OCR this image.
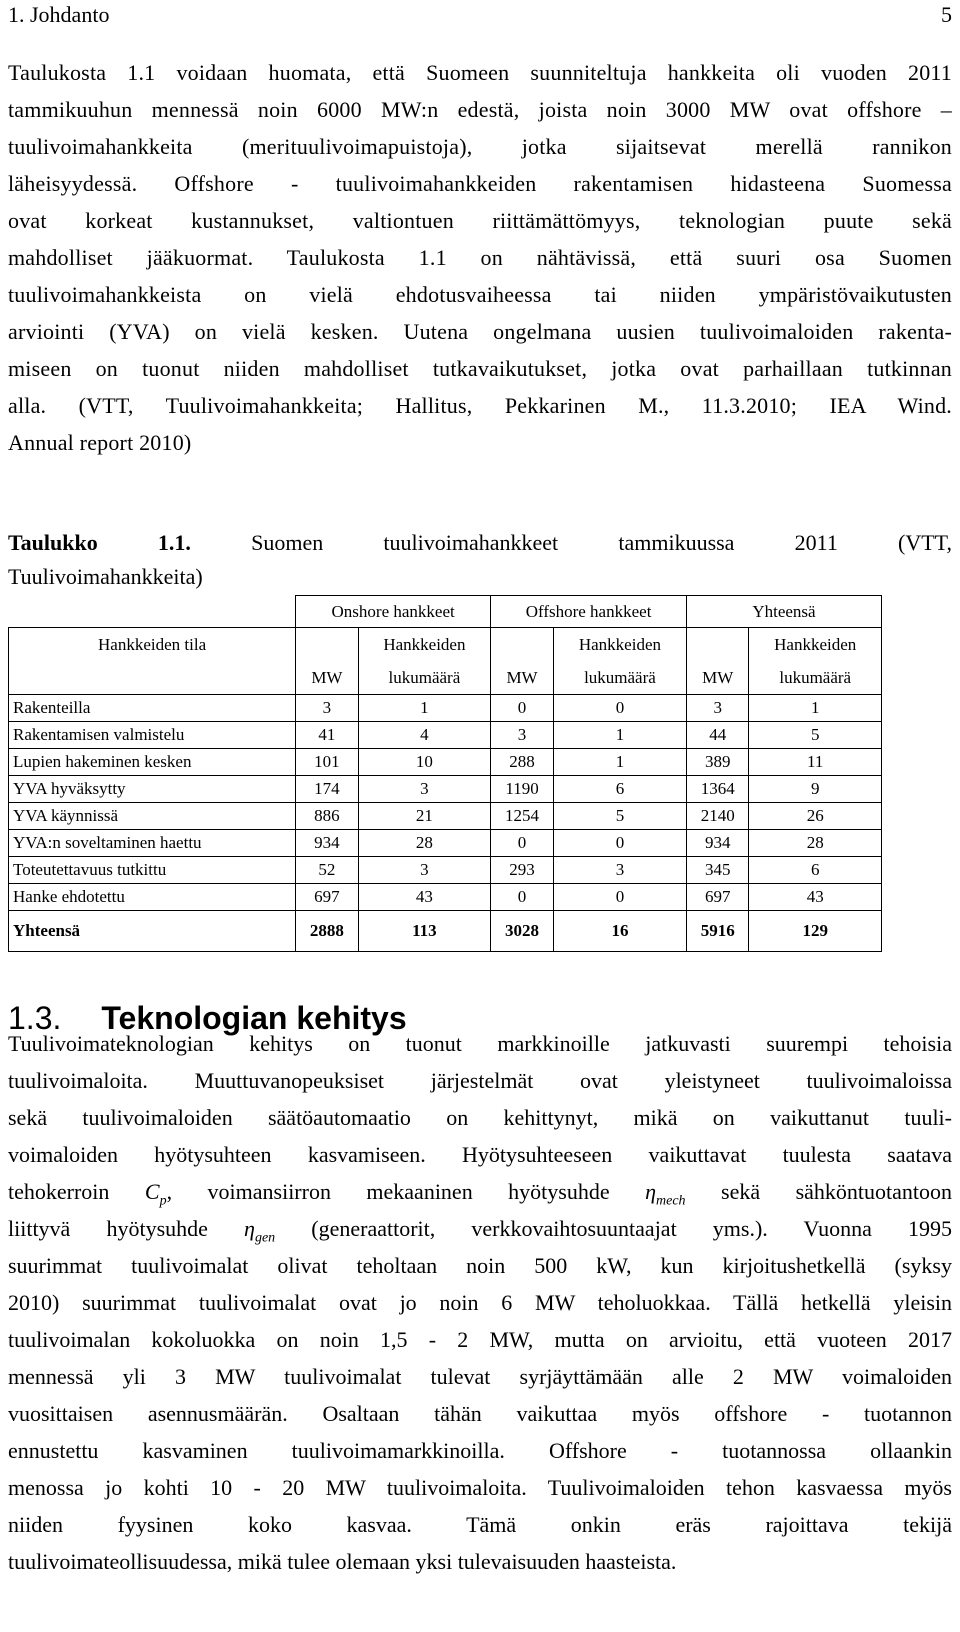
1. Johdanto	5
Taulukosta 1.1 voidaan huomata, että Suomeen suunniteltuja hankkeita oli vuoden 2011
tammikuuhun mennessä noin 6000 MW:n edestä, joista noin 3000 MW ovat offshore –
tuulivoimahankkeita (merituulivoimapuistoja), jotka sijaitsevat merellä rannikon
läheisyydessä. Offshore - tuulivoimahankkeiden rakentamisen hidasteena Suomessa
ovat korkeat kustannukset, valtiontuen riittämättömyys, teknologian puute sekä
mahdolliset jääkuormat. Taulukosta 1.1 on nähtävissä, että suuri osa Suomen
tuulivoimahankkeista on vielä ehdotusvaiheessa tai niiden ympäristövaikutusten
arviointi (YVA) on vielä kesken. Uutena ongelmana uusien tuulivoimaloiden rakenta-
miseen on tuonut niiden mahdolliset tutkavaikutukset, jotka ovat parhaillaan tutkinnan
alla. (VTT, Tuulivoimahankkeita; Hallitus, Pekkarinen M., 11.3.2010; IEA Wind.
Annual report 2010)
Taulukko 1.1.	Suomen tuulivoimahankkeet tammikuussa 2011 (VTT,
Tuulivoimahankkeita)
	Onshore hankkeet		Offshore hankkeet		Yhteensä	
Hankkeiden tila		Hankkeiden		Hankkeiden		Hankkeiden
	MW	lukumäärä	MW	lukumäärä	MW	lukumäärä
Rakenteilla	3	1	0	0	3	1
Rakentamisen valmistelu	41	4	3	1	44	5
Lupien hakeminen kesken	101	10	288	1	389	11
YVA hyväksytty	174	3	1190	6	1364	9
YVA käynnissä	886	21	1254	5	2140	26
YVA:n soveltaminen haettu	934	28	0	0	934	28
Toteutettavuus tutkittu	52	3	293	3	345	6
Hanke ehdotettu	697	43	0	0	697	43
Yhteensä	2888	113	3028	16	5916	129
1.3. Teknologian kehitys
Tuulivoimateknologian kehitys on tuonut markkinoille jatkuvasti suurempi tehoisia
tuulivoimaloita. Muuttuvanopeuksiset järjestelmät ovat yleistyneet tuulivoimaloissa
sekä tuulivoimaloiden säätöautomaatio on kehittynyt, mikä on vaikuttanut tuuli-
voimaloiden hyötysuhteen kasvamiseen. Hyötysuhteeseen vaikuttavat tuulesta saatava
tehokerroin $C_p$, voimansiirron mekaaninen hyötysuhde $\eta_{mech}$ sekä sähköntuotantoon
liittyvä hyötysuhde $\eta_{gen}$ (generaattorit, verkkovaihtosuuntaajat yms.). Vuonna 1995
suurimmat tuulivoimalat olivat teholtaan noin 500 kW, kun kirjoitushetkellä (syksy
2010) suurimmat tuulivoimalat ovat jo noin 6 MW teholuokkaa. Tällä hetkellä yleisin
tuulivoimalan kokoluokka on noin 1,5 - 2 MW, mutta on arvioitu, että vuoteen 2017
mennessä yli 3 MW tuulivoimalat tulevat syrjäyttämään alle 2 MW voimaloiden
vuosittaisen asennusmäärän. Osaltaan tähän vaikuttaa myös offshore - tuotannon
ennustettu kasvaminen tuulivoimamarkkinoilla. Offshore - tuotannossa ollaankin
menossa jo kohti 10 - 20 MW tuulivoimaloita. Tuulivoimaloiden tehon kasvaessa myös
niiden fyysinen koko kasvaa. Tämä onkin eräs rajoittava tekijä
tuulivoimateollisuudessa, mikä tulee olemaan yksi tulevaisuuden haasteista.
